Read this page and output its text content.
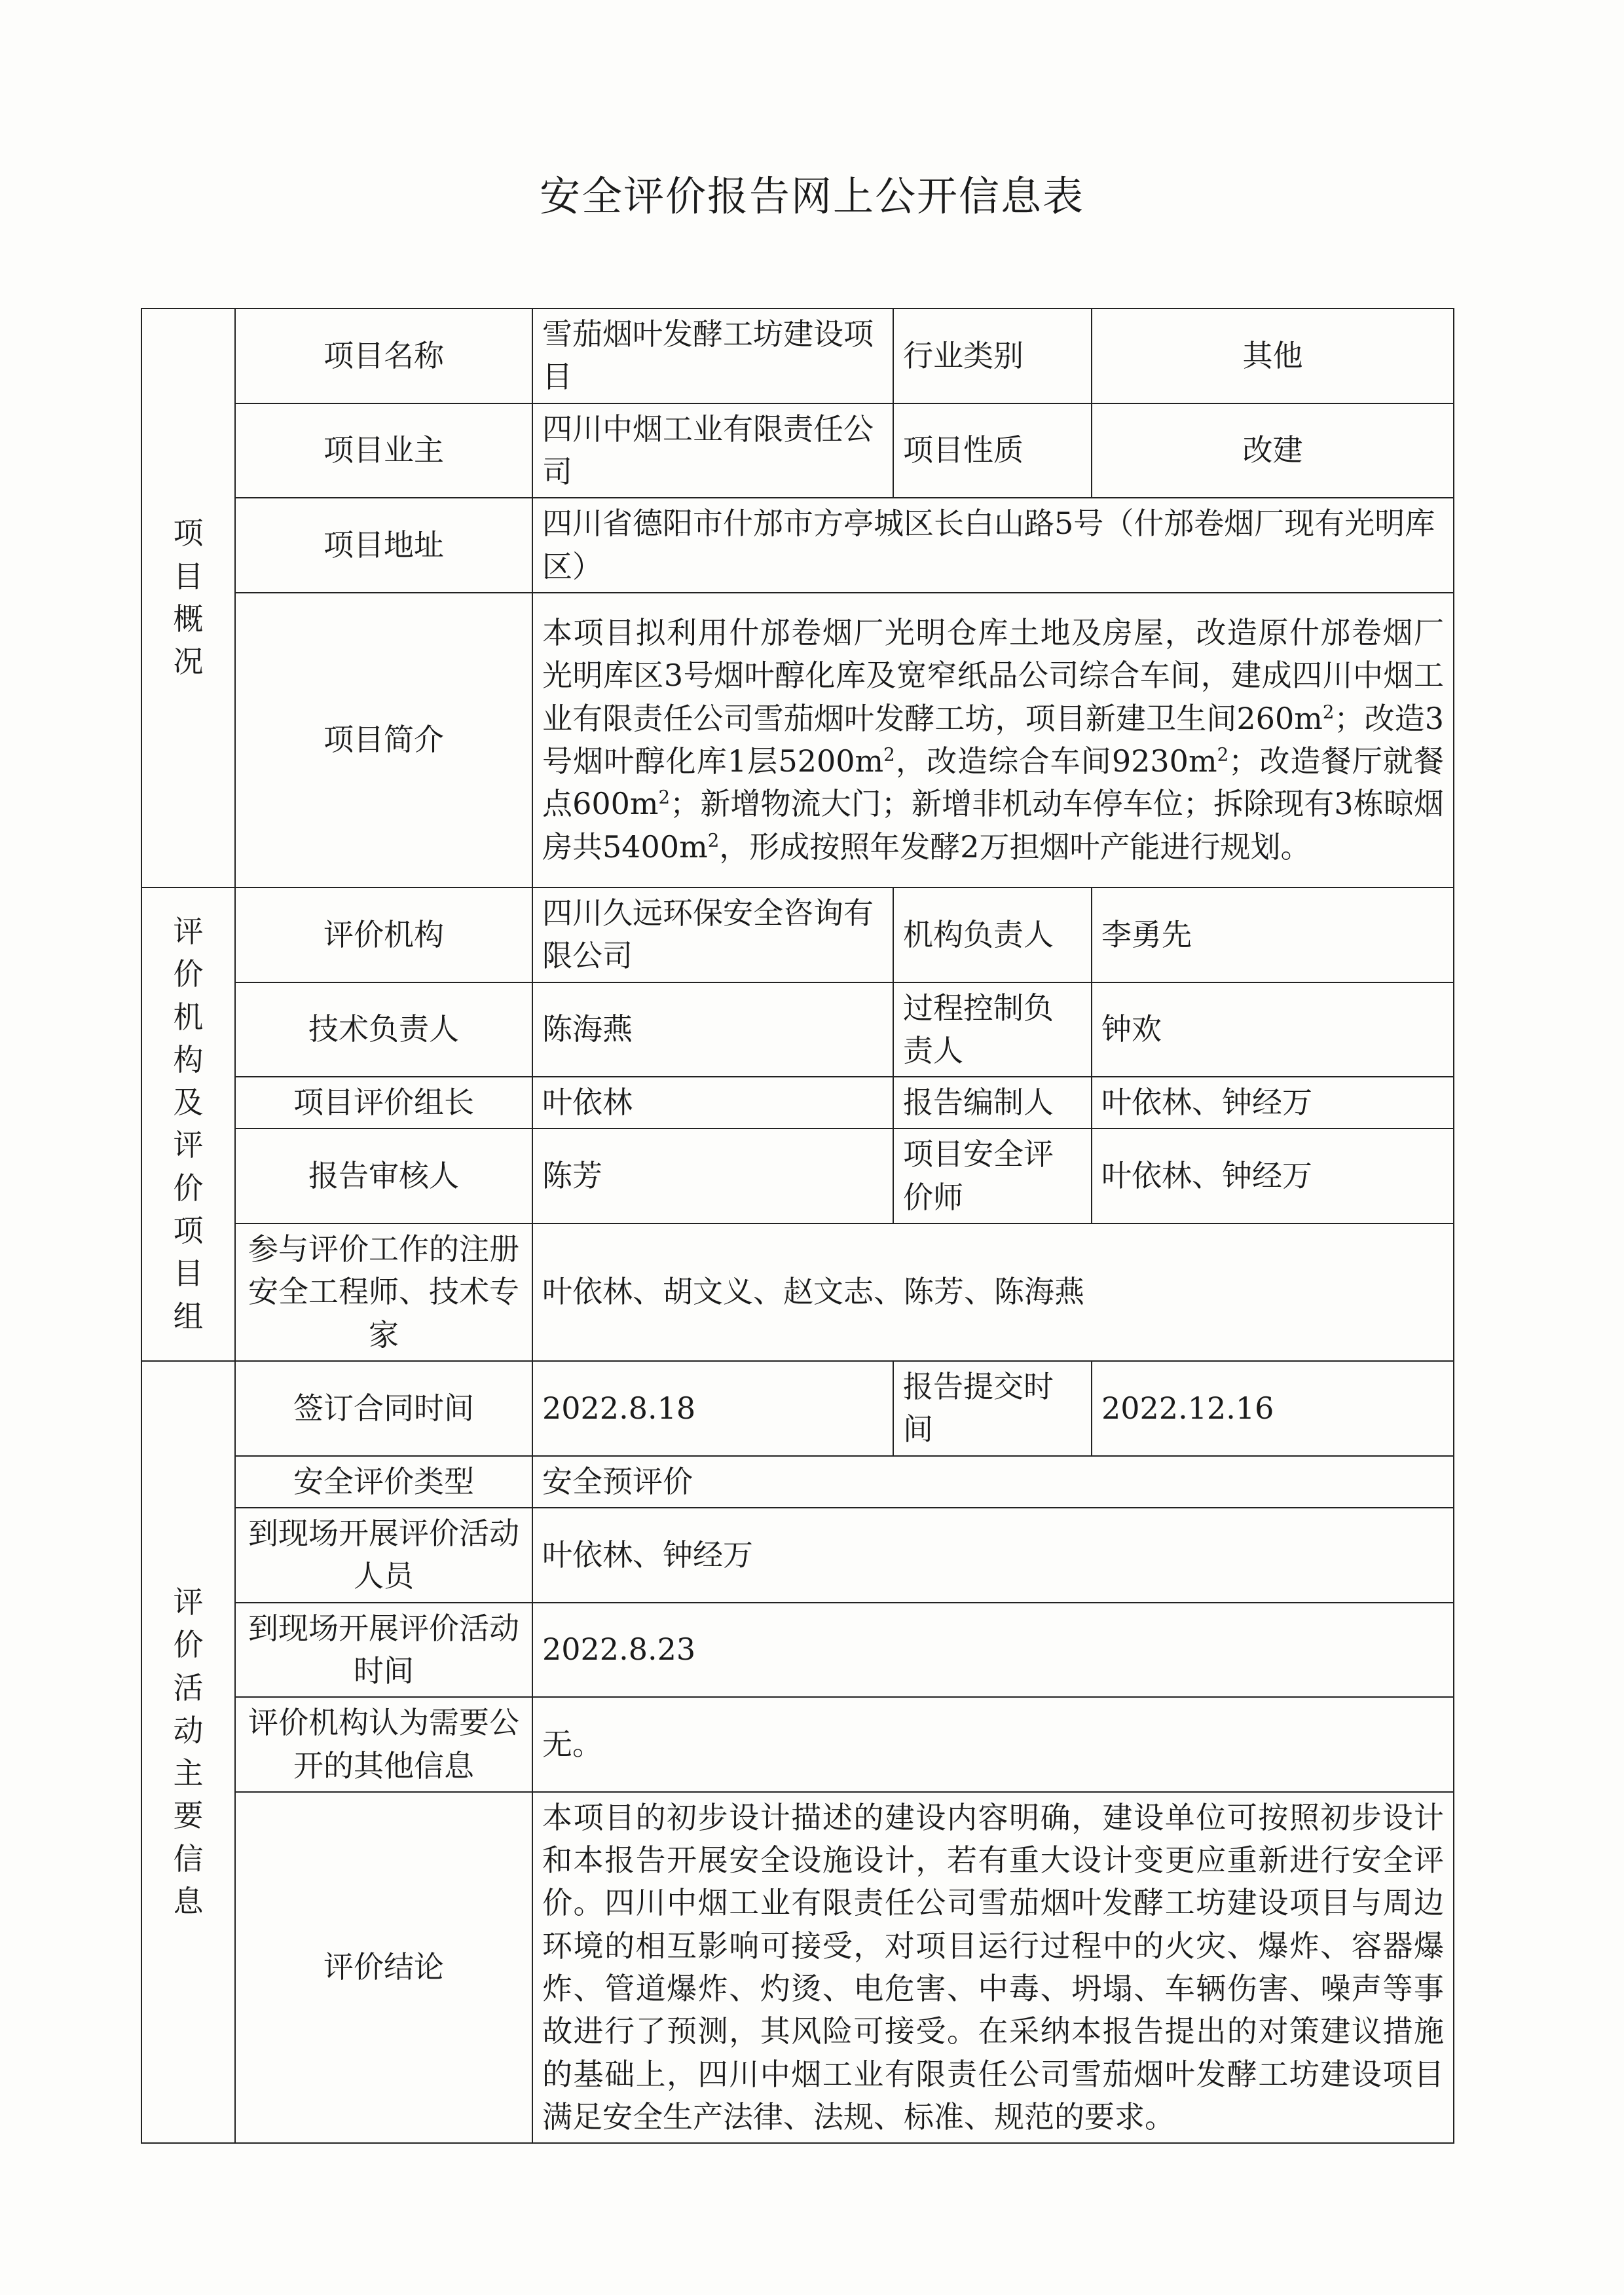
安全评价报告网上公开信息表
项目概况	项目名称	雪茄烟叶发酵工坊建设项目	行业类别	其他
	项目业主	四川中烟工业有限责任公司	项目性质	改建
	项目地址	四川省德阳市什邡市方亭城区长白山路5号（什邡卷烟厂现有光明库区）		
	项目简介	本项目拟利用什邡卷烟厂光明仓库土地及房屋，改造原什邡卷烟厂光明库区3号烟叶醇化库及宽窄纸品公司综合车间，建成四川中烟工业有限责任公司雪茄烟叶发酵工坊，项目新建卫生间$260m^2$；改造3号烟叶醇化库1层$5200m^2$，改造综合车间$9230m^2$；改造餐厅就餐点$600m^2$；新增物流大门；新增非机动车停车位；拆除现有3栋晾烟房共$5400m^2$，形成按照年发酵2万担烟叶产能进行规划。		

评价机构及评价项目组	评价机构	四川久远环保安全咨询有限公司	机构负责人	李勇先
	技术负责人	陈海燕	过程控制负责人	钟欢
	项目评价组长	叶依林	报告编制人	叶依林、钟经万
	报告审核人	陈芳	项目安全评价师	叶依林、钟经万
	参与评价工作的注册安全工程师、技术专家	叶依林、胡文义、赵文志、陈芳、陈海燕		

评价活动主要信息	签订合同时间	2022.8.18	报告提交时间	2022.12.16
	安全评价类型	安全预评价		
	到现场开展评价活动人员	叶依林、钟经万		
	到现场开展评价活动时间	2022.8.23		
	评价机构认为需要公开的其他信息	无。		
	评价结论	本项目的初步设计描述的建设内容明确，建设单位可按照初步设计和本报告开展安全设施设计，若有重大设计变更应重新进行安全评价。四川中烟工业有限责任公司雪茄烟叶发酵工坊建设项目与周边环境的相互影响可接受，对项目运行过程中的火灾、爆炸、容器爆炸、管道爆炸、灼烫、电危害、中毒、坍塌、车辆伤害、噪声等事故进行了预测，其风险可接受。在采纳本报告提出的对策建议措施的基础上，四川中烟工业有限责任公司雪茄烟叶发酵工坊建设项目满足安全生产法律、法规、标准、规范的要求。		
